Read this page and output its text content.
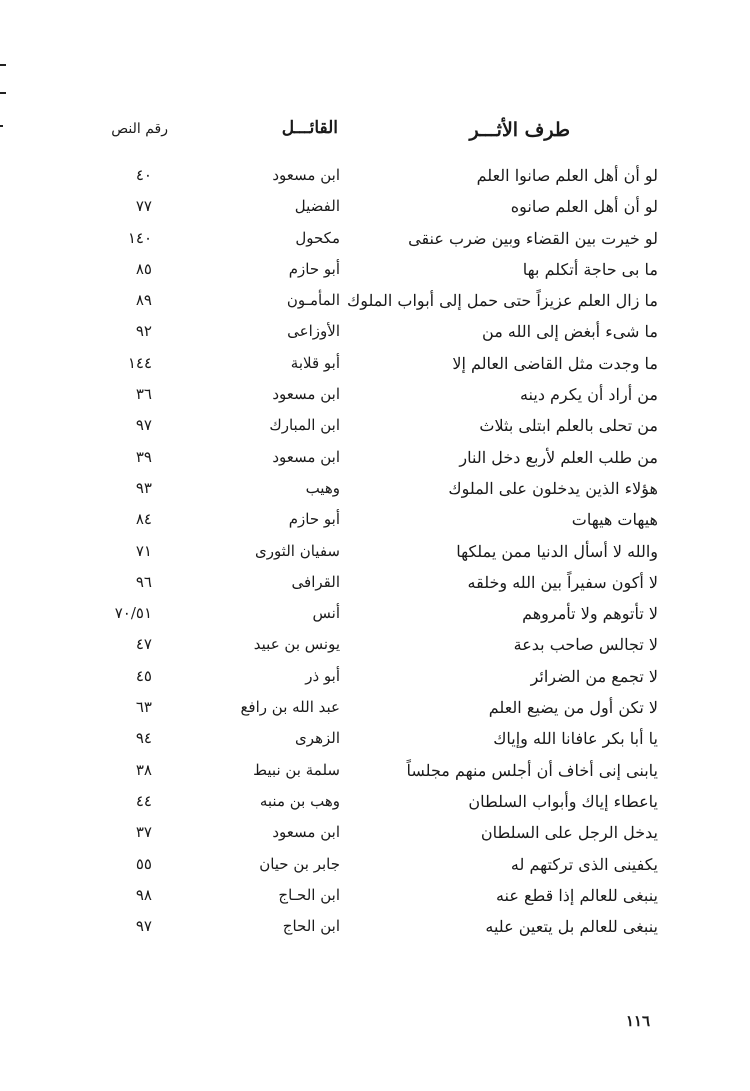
طرف الأثـــر
القائـــل
رقم النص
لو أن أهل العلم صانوا العلم
ابن مسعود
٤٠
لو أن أهل العلم صانوه
الفضيل
٧٧
لو خيرت بين القضاء وبين ضرب عنقى
مكحول
١٤٠
ما بى حاجة أتكلم بها
أبو حازم
٨٥
ما زال العلم عزيزاً حتى حمل إلى أبواب الملوك
المأمـون
٨٩
ما شىء أبغض إلى الله من
الأوزاعى
٩٢
ما وجدت مثل القاضى العالم إلا
أبو قلابة
١٤٤
من أراد أن يكرم دينه
ابن مسعود
٣٦
من تحلى بالعلم ابتلى بثلاث
ابن المبارك
٩٧
من طلب العلم لأربع دخل النار
ابن مسعود
٣٩
هؤلاء الذين يدخلون على الملوك
وهيب
٩٣
هيهات هيهات
أبو حازم
٨٤
والله لا أسأل الدنيا ممن يملكها
سفيان الثورى
٧١
لا أكون سفيراً بين الله وخلقه
القرافى
٩٦
لا تأتوهم ولا تأمروهم
أنس
٧٠/٥١
لا تجالس صاحب بدعة
يونس بن عبيد
٤٧
لا تجمع من الضرائر
أبو ذر
٤٥
لا تكن أول من يضيع العلم
عبد الله بن رافع
٦٣
يا أبا بكر عافانا الله وإياك
الزهرى
٩٤
يابنى إنى أخاف أن أجلس منهم مجلساً
سلمة بن نبيط
٣٨
ياعطاء إياك وأبواب السلطان
وهب بن منبه
٤٤
يدخل الرجل على السلطان
ابن مسعود
٣٧
يكفينى الذى تركتهم له
جابر بن حيان
٥٥
ينبغى للعالم إذا قطع عنه
ابن الحـاج
٩٨
ينبغى للعالم بل يتعين عليه
ابن الحاج
٩٧
١١٦
